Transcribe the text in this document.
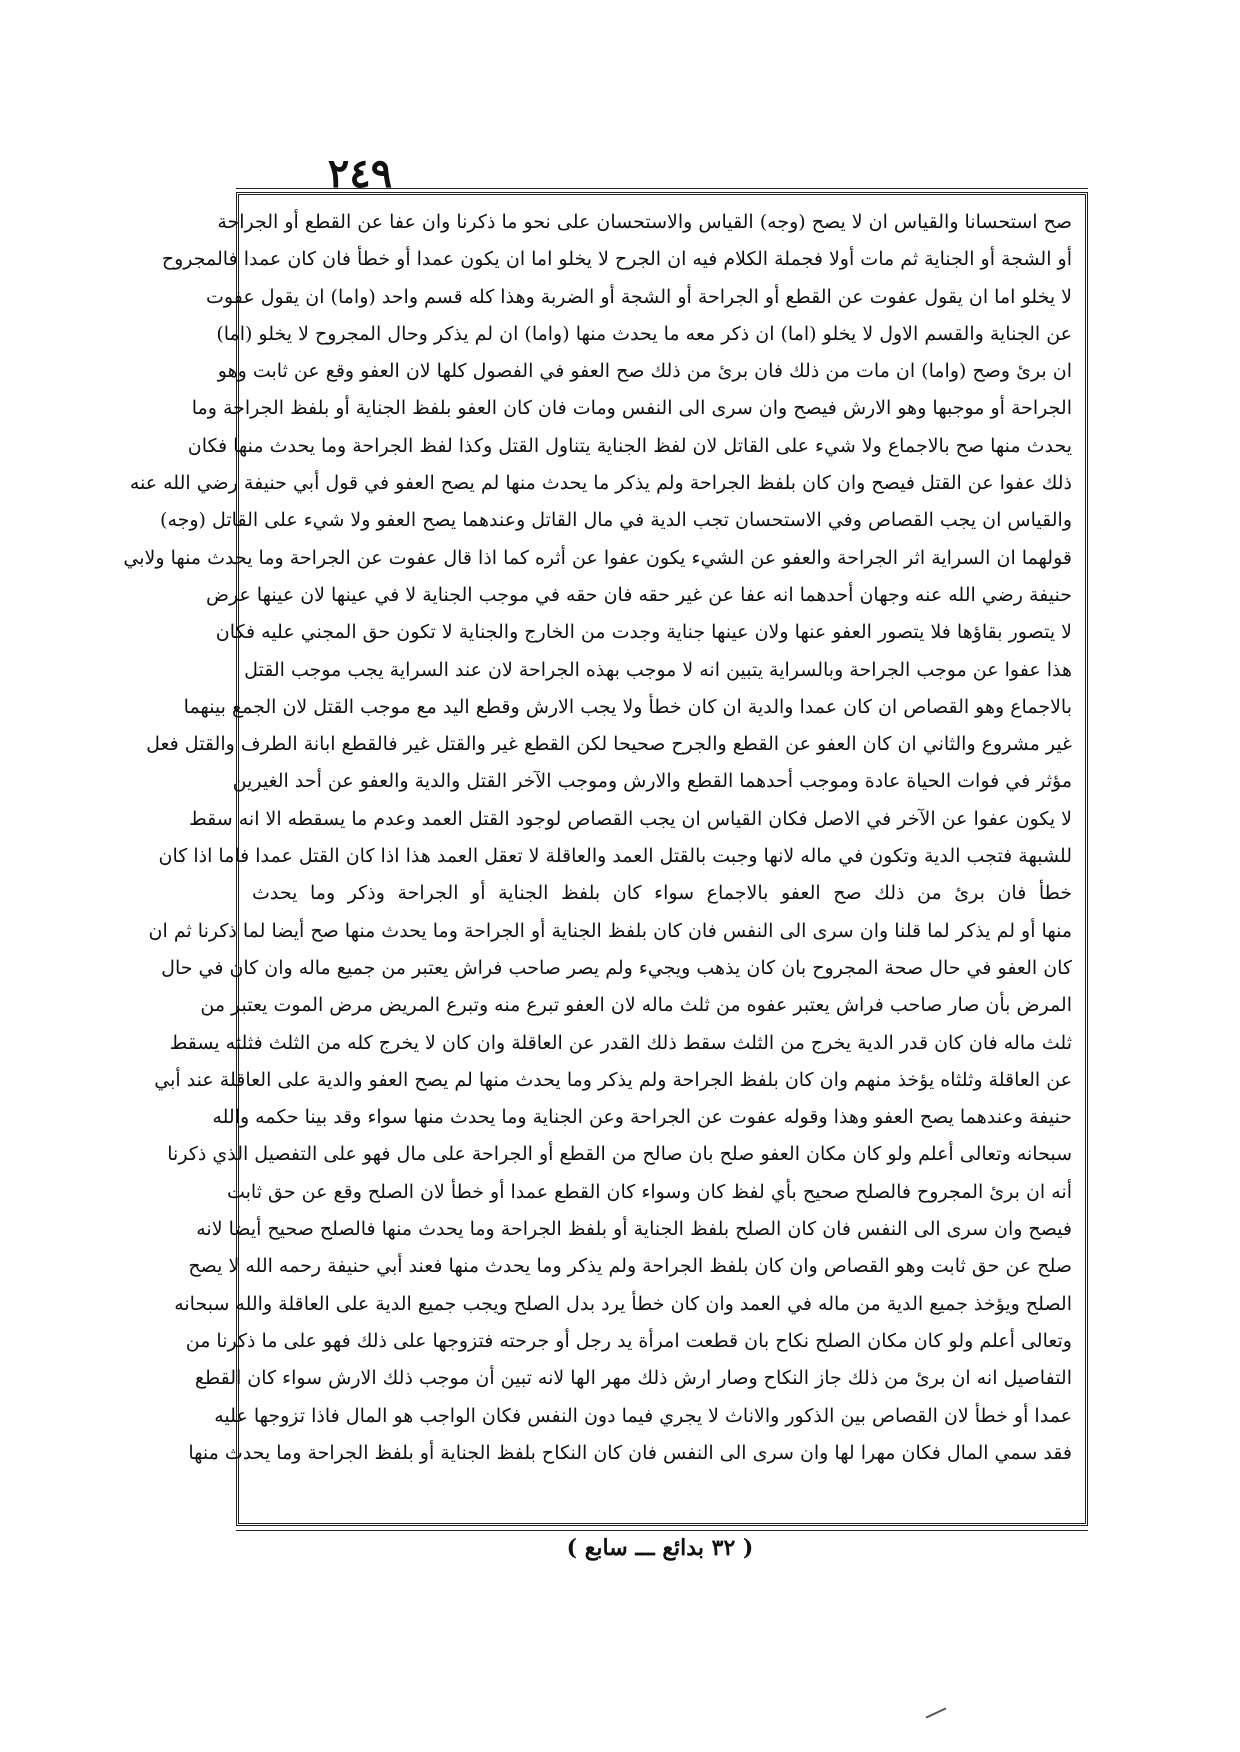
٢٤٩
صح استحسانا والقياس ان لا يصح (وجه) القياس والاستحسان على نحو ما ذكرنا وان عفا عن القطع أو الجراحة
أو الشجة أو الجناية ثم مات أولا فجملة الكلام فيه ان الجرح لا يخلو اما ان يكون عمدا أو خطأ فان كان عمدا فالمجروح
لا يخلو اما ان يقول عفوت عن القطع أو الجراحة أو الشجة أو الضربة وهذا كله قسم واحد (واما) ان يقول عفوت
عن الجناية والقسم الاول لا يخلو (اما) ان ذكر معه ما يحدث منها (واما) ان لم يذكر وحال المجروح لا يخلو (اما)
ان برئ وصح (واما) ان مات من ذلك فان برئ من ذلك صح العفو في الفصول كلها لان العفو وقع عن ثابت وهو
الجراحة أو موجبها وهو الارش فيصح وان سرى الى النفس ومات فان كان العفو بلفظ الجناية أو بلفظ الجراحة وما
يحدث منها صح بالاجماع ولا شيء على القاتل لان لفظ الجناية يتناول القتل وكذا لفظ الجراحة وما يحدث منها فكان
ذلك عفوا عن القتل فيصح وان كان بلفظ الجراحة ولم يذكر ما يحدث منها لم يصح العفو في قول أبي حنيفة رضي الله عنه
والقياس ان يجب القصاص وفي الاستحسان تجب الدية في مال القاتل وعندهما يصح العفو ولا شيء على القاتل (وجه)
قولهما ان السراية اثر الجراحة والعفو عن الشيء يكون عفوا عن أثره كما اذا قال عفوت عن الجراحة وما يحدث منها ولابي
حنيفة رضي الله عنه وجهان أحدهما انه عفا عن غير حقه فان حقه في موجب الجناية لا في عينها لان عينها عرض
لا يتصور بقاؤها فلا يتصور العفو عنها ولان عينها جناية وجدت من الخارج والجناية لا تكون حق المجني عليه فكان
هذا عفوا عن موجب الجراحة وبالسراية يتبين انه لا موجب بهذه الجراحة لان عند السراية يجب موجب القتل
بالاجماع وهو القصاص ان كان عمدا والدية ان كان خطأ ولا يجب الارش وقطع اليد مع موجب القتل لان الجمع بينهما
غير مشروع والثاني ان كان العفو عن القطع والجرح صحيحا لكن القطع غير والقتل غير فالقطع ابانة الطرف والقتل فعل
مؤثر في فوات الحياة عادة وموجب أحدهما القطع والارش وموجب الآخر القتل والدية والعفو عن أحد الغيرين
لا يكون عفوا عن الآخر في الاصل فكان القياس ان يجب القصاص لوجود القتل العمد وعدم ما يسقطه الا انه سقط
للشبهة فتجب الدية وتكون في ماله لانها وجبت بالقتل العمد والعاقلة لا تعقل العمد هذا اذا كان القتل عمدا فاما اذا كان
خطأ فان برئ من ذلك صح العفو بالاجماع سواء كان بلفظ الجناية أو الجراحة وذكر وما يحدث
منها أو لم يذكر لما قلنا وان سرى الى النفس فان كان بلفظ الجناية أو الجراحة وما يحدث منها صح أيضا لما ذكرنا ثم ان
كان العفو في حال صحة المجروح بان كان يذهب ويجيء ولم يصر صاحب فراش يعتبر من جميع ماله وان كان في حال
المرض بأن صار صاحب فراش يعتبر عفوه من ثلث ماله لان العفو تبرع منه وتبرع المريض مرض الموت يعتبر من
ثلث ماله فان كان قدر الدية يخرج من الثلث سقط ذلك القدر عن العاقلة وان كان لا يخرج كله من الثلث فثلثه يسقط
عن العاقلة وثلثاه يؤخذ منهم وان كان بلفظ الجراحة ولم يذكر وما يحدث منها لم يصح العفو والدية على العاقلة عند أبي
حنيفة وعندهما يصح العفو وهذا وقوله عفوت عن الجراحة وعن الجناية وما يحدث منها سواء وقد بينا حكمه والله
سبحانه وتعالى أعلم ولو كان مكان العفو صلح بان صالح من القطع أو الجراحة على مال فهو على التفصيل الذي ذكرنا
أنه ان برئ المجروح فالصلح صحيح بأي لفظ كان وسواء كان القطع عمدا أو خطأ لان الصلح وقع عن حق ثابت
فيصح وان سرى الى النفس فان كان الصلح بلفظ الجناية أو بلفظ الجراحة وما يحدث منها فالصلح صحيح أيضا لانه
صلح عن حق ثابت وهو القصاص وان كان بلفظ الجراحة ولم يذكر وما يحدث منها فعند أبي حنيفة رحمه الله لا يصح
الصلح ويؤخذ جميع الدية من ماله في العمد وان كان خطأ يرد بدل الصلح ويجب جميع الدية على العاقلة والله سبحانه
وتعالى أعلم ولو كان مكان الصلح نكاح بان قطعت امرأة يد رجل أو جرحته فتزوجها على ذلك فهو على ما ذكرنا من
التفاصيل انه ان برئ من ذلك جاز النكاح وصار ارش ذلك مهر الها لانه تبين أن موجب ذلك الارش سواء كان القطع
عمدا أو خطأ لان القصاص بين الذكور والاناث لا يجري فيما دون النفس فكان الواجب هو المال فاذا تزوجها عليه
فقد سمي المال فكان مهرا لها وان سرى الى النفس فان كان النكاح بلفظ الجناية أو بلفظ الجراحة وما يحدث منها
( ٣٢ بدائع ـــ سابع )
